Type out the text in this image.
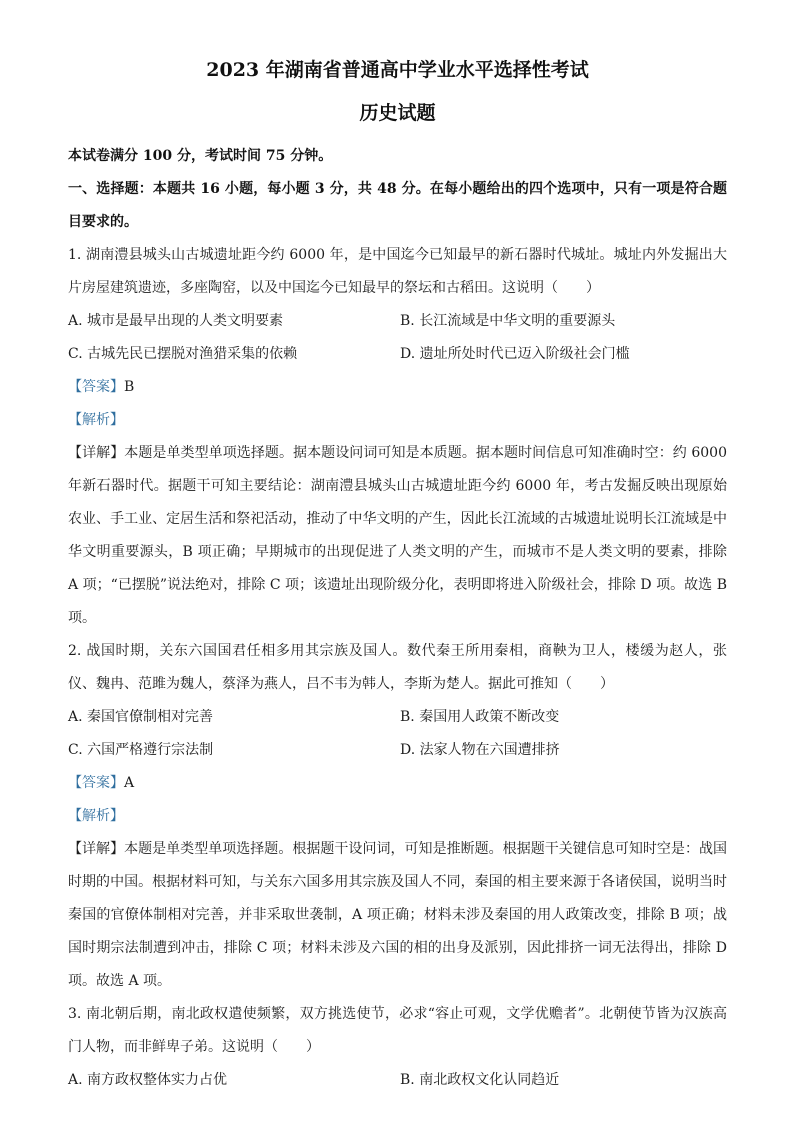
2023 年湖南省普通高中学业水平选择性考试
历史试题

本试卷满分 100 分，考试时间 75 分钟。

一、选择题：本题共 16 小题，每小题 3 分，共 48 分。在每小题给出的四个选项中，只有一项是符合题目要求的。

1. 湖南澧县城头山古城遗址距今约 6000 年，是中国迄今已知最早的新石器时代城址。城址内外发掘出大片房屋建筑遗迹，多座陶窑，以及中国迄今已知最早的祭坛和古稻田。这说明（　　）

A. 城市是最早出现的人类文明要素	B. 长江流域是中华文明的重要源头
C. 古城先民已摆脱对渔猎采集的依赖	D. 遗址所处时代已迈入阶级社会门槛

【答案】B

【解析】

【详解】本题是单类型单项选择题。据本题设问词可知是本质题。据本题时间信息可知准确时空：约 6000 年新石器时代。据题干可知主要结论：湖南澧县城头山古城遗址距今约 6000 年，考古发掘反映出现原始农业、手工业、定居生活和祭祀活动，推动了中华文明的产生，因此长江流域的古城遗址说明长江流域是中华文明重要源头，B 项正确；早期城市的出现促进了人类文明的产生，而城市不是人类文明的要素，排除 A 项；“已摆脱”说法绝对，排除 C 项；该遗址出现阶级分化，表明即将进入阶级社会，排除 D 项。故选 B 项。

2. 战国时期，关东六国国君任相多用其宗族及国人。数代秦王所用秦相，商鞅为卫人，楼缓为赵人，张仪、魏冉、范雎为魏人，蔡泽为燕人，吕不韦为韩人，李斯为楚人。据此可推知（　　）

A. 秦国官僚制相对完善	B. 秦国用人政策不断改变
C. 六国严格遵行宗法制	D. 法家人物在六国遭排挤

【答案】A

【解析】

【详解】本题是单类型单项选择题。根据题干设问词，可知是推断题。根据题干关键信息可知时空是：战国时期的中国。根据材料可知，与关东六国多用其宗族及国人不同，秦国的相主要来源于各诸侯国，说明当时秦国的官僚体制相对完善，并非采取世袭制，A 项正确；材料未涉及秦国的用人政策改变，排除 B 项；战国时期宗法制遭到冲击，排除 C 项；材料未涉及六国的相的出身及派别，因此排挤一词无法得出，排除 D 项。故选 A 项。

3. 南北朝后期，南北政权遣使频繁，双方挑选使节，必求“容止可观，文学优赡者”。北朝使节皆为汉族高门人物，而非鲜卑子弟。这说明（　　）

A. 南方政权整体实力占优	B. 南北政权文化认同趋近
